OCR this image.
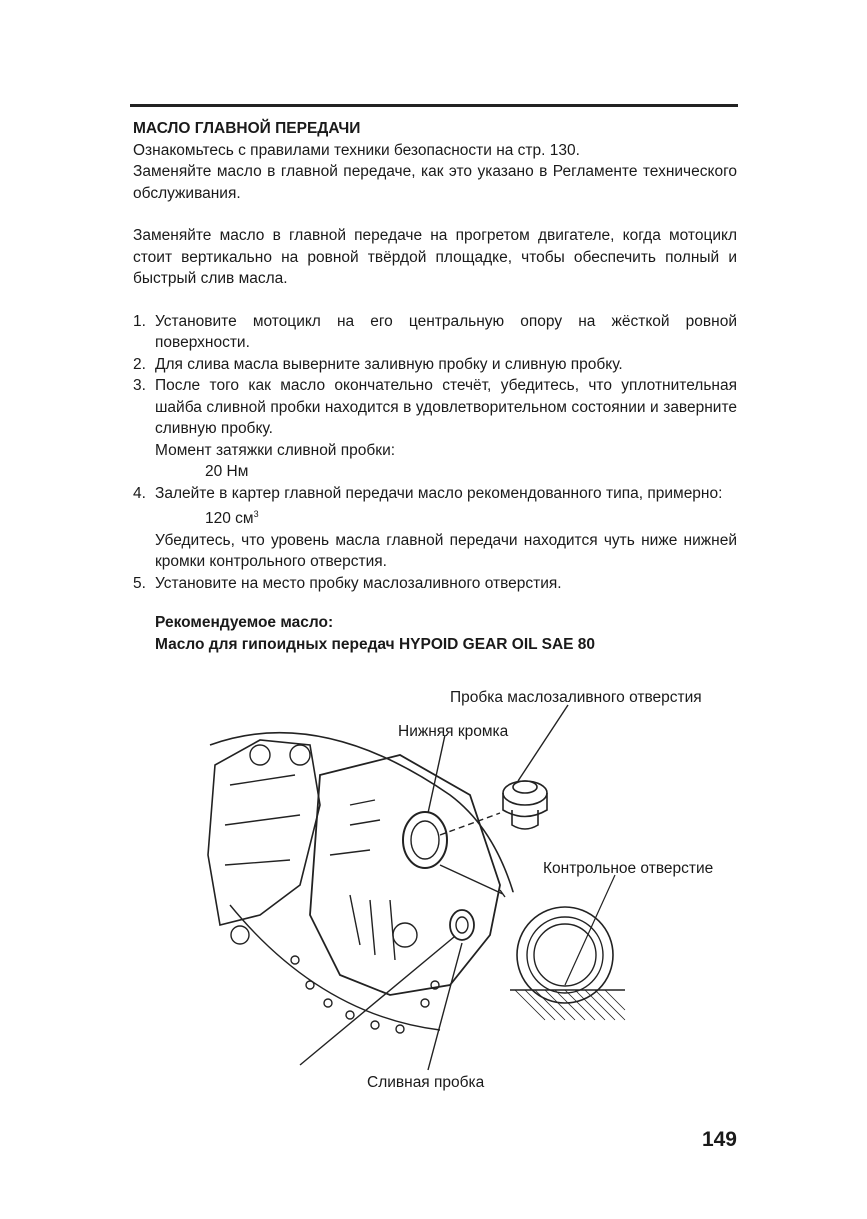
МАСЛО ГЛАВНОЙ ПЕРЕДАЧИ

Ознакомьтесь с правилами техники безопасности на стр. 130.

Заменяйте масло в главной передаче, как это указано в Регламенте технического обслуживания.

Заменяйте масло в главной передаче на прогретом двигателе, когда мотоцикл стоит вертикально на ровной твёрдой площадке, чтобы обеспечить полный и быстрый слив масла.

1. Установите мотоцикл на его центральную опору на жёсткой ровной поверхности.
2. Для слива масла выверните заливную пробку и сливную пробку.
3. После того как масло окончательно стечёт, убедитесь, что уплотнительная шайба сливной пробки находится в удовлетворительном состоянии и заверните сливную пробку.
Момент затяжки сливной пробки:
20 Нм
4. Залейте в картер главной передачи масло рекомендованного типа, примерно:
120 $см^3$
Убедитесь, что уровень масла главной передачи находится чуть ниже нижней кромки контрольного отверстия.
5. Установите на место пробку маслозаливного отверстия.
Рекомендуемое масло:
Масло для гипоидных передач HYPOID GEAR OIL SAE 80
Пробка маслозаливного отверстия
Нижняя кромка
Контрольное отверстие
Сливная пробка
149
